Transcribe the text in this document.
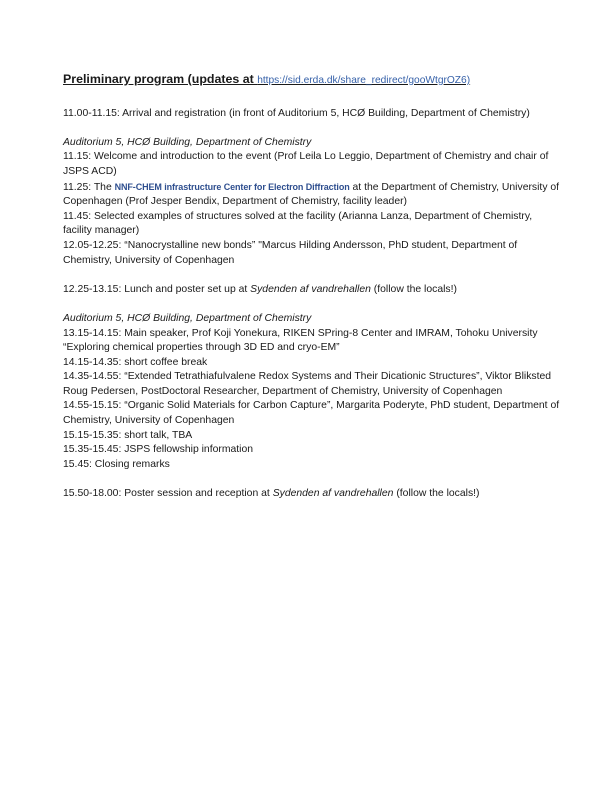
Preliminary program (updates at https://sid.erda.dk/share_redirect/gooWtgrOZ6)

11.00-11.15: Arrival and registration (in front of Auditorium 5, HCØ Building, Department of Chemistry)

Auditorium 5, HCØ Building, Department of Chemistry

11.15: Welcome and introduction to the event (Prof Leila Lo Leggio, Department of Chemistry and chair of JSPS ACD)

11.25: The NNF-CHEM infrastructure Center for Electron Diffraction at the Department of Chemistry, University of Copenhagen (Prof Jesper Bendix, Department of Chemistry, facility leader)

11.45: Selected examples of structures solved at the facility (Arianna Lanza, Department of Chemistry, facility manager)

12.05-12.25: “Nanocrystalline new bonds” "Marcus Hilding Andersson, PhD student, Department of Chemistry, University of Copenhagen

12.25-13.15: Lunch and poster set up at Sydenden af vandrehallen (follow the locals!)

Auditorium 5, HCØ Building, Department of Chemistry

13.15-14.15: Main speaker, Prof Koji Yonekura, RIKEN SPring-8 Center and IMRAM, Tohoku University “Exploring chemical properties through 3D ED and cryo-EM”

14.15-14.35: short coffee break

14.35-14.55: “Extended Tetrathiafulvalene Redox Systems and Their Dicationic Structures”, Viktor Bliksted Roug Pedersen, PostDoctoral Researcher, Department of Chemistry, University of Copenhagen

14.55-15.15: “Organic Solid Materials for Carbon Capture”, Margarita Poderyte, PhD student, Department of Chemistry, University of Copenhagen

15.15-15.35: short talk, TBA

15.35-15.45: JSPS fellowship information

15.45: Closing remarks

15.50-18.00: Poster session and reception at Sydenden af vandrehallen (follow the locals!)
